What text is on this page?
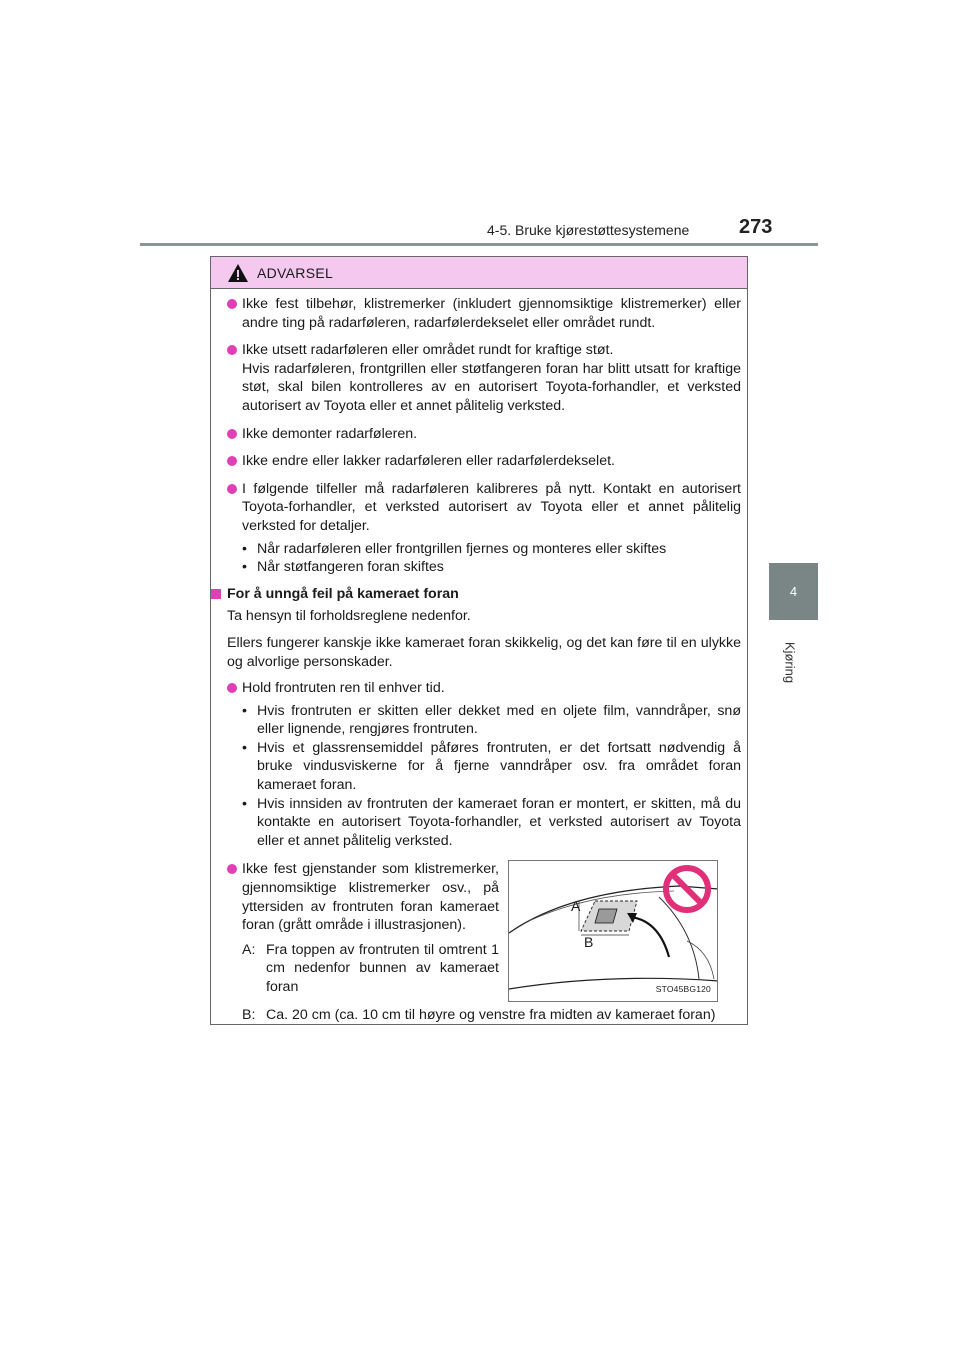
4-5. Bruke kjørestøttesystemene 273
4
Kjøring
ADVARSEL
Ikke fest tilbehør, klistremerker (inkludert gjennomsiktige klistremerker) eller andre ting på radarføleren, radarfølerdekselet eller området rundt.
Ikke utsett radarføleren eller området rundt for kraftige støt.
Hvis radarføleren, frontgrillen eller støtfangeren foran har blitt utsatt for kraftige støt, skal bilen kontrolleres av en autorisert Toyota-forhandler, et verksted autorisert av Toyota eller et annet pålitelig verksted.
Ikke demonter radarføleren.
Ikke endre eller lakker radarføleren eller radarfølerdekselet.
I følgende tilfeller må radarføleren kalibreres på nytt. Kontakt en autorisert Toyota-forhandler, et verksted autorisert av Toyota eller et annet pålitelig verksted for detaljer.
• Når radarføleren eller frontgrillen fjernes og monteres eller skiftes
• Når støtfangeren foran skiftes
For å unngå feil på kameraet foran
Ta hensyn til forholdsreglene nedenfor.
Ellers fungerer kanskje ikke kameraet foran skikkelig, og det kan føre til en ulykke og alvorlige personskader.
Hold frontruten ren til enhver tid.
• Hvis frontruten er skitten eller dekket med en oljete film, vanndråper, snø eller lignende, rengjøres frontruten.
• Hvis et glassrensemiddel påføres frontruten, er det fortsatt nødvendig å bruke vindusviskerne for å fjerne vanndråper osv. fra området foran kameraet foran.
• Hvis innsiden av frontruten der kameraet foran er montert, er skitten, må du kontakte en autorisert Toyota-forhandler, et verksted autorisert av Toyota eller et annet pålitelig verksted.
Ikke fest gjenstander som klistremerker, gjennomsiktige klistremerker osv., på yttersiden av frontruten foran kameraet foran (grått område i illustrasjonen).
A: Fra toppen av frontruten til omtrent 1 cm nedenfor bunnen av kameraet foran
A
B
STO45BG120
B: Ca. 20 cm (ca. 10 cm til høyre og venstre fra midten av kameraet foran)
